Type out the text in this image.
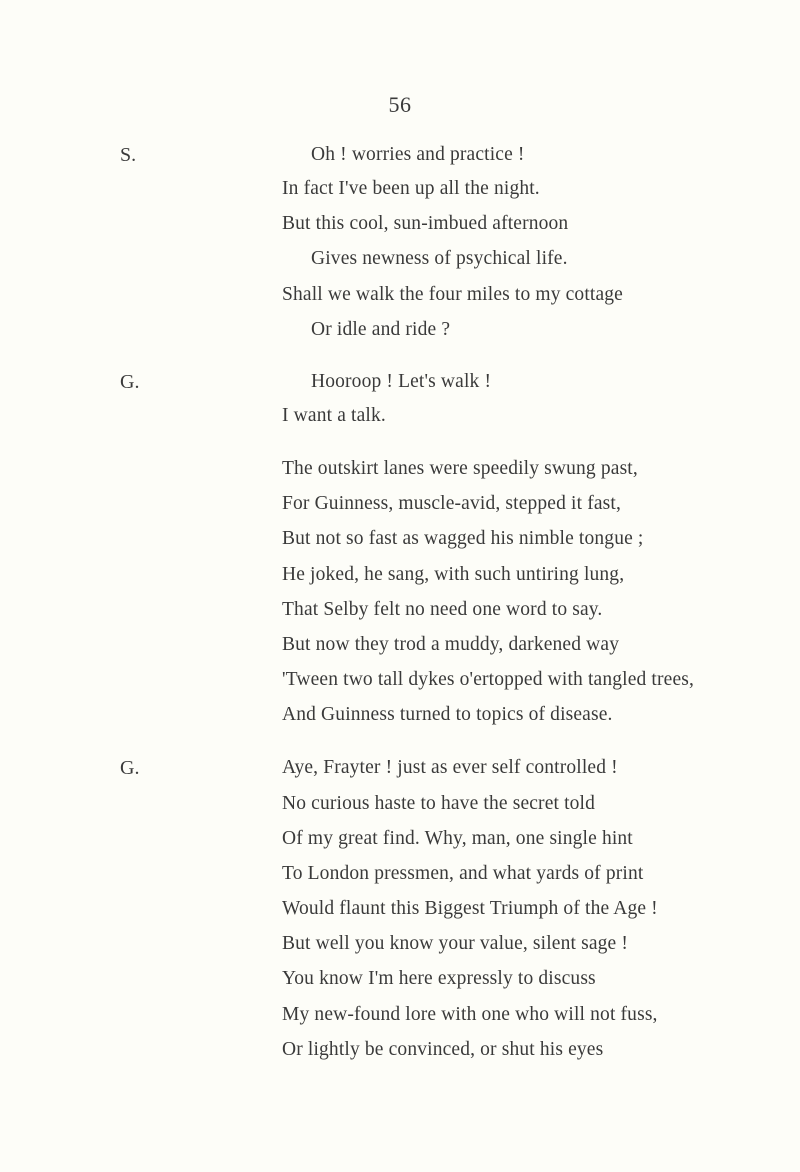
56
S.	Oh ! worries and practice !
In fact I've been up all the night.
But this cool, sun-imbued afternoon
Gives newness of psychical life.
Shall we walk the four miles to my cottage
Or idle and ride ?
G.	Hooroop ! Let's walk !
I want a talk.
The outskirt lanes were speedily swung past,
For Guinness, muscle-avid, stepped it fast,
But not so fast as wagged his nimble tongue ;
He joked, he sang, with such untiring lung,
That Selby felt no need one word to say.
But now they trod a muddy, darkened way
'Tween two tall dykes o'ertopped with tangled trees,
And Guinness turned to topics of disease.
G.	Aye, Frayter ! just as ever self controlled !
No curious haste to have the secret told
Of my great find. Why, man, one single hint
To London pressmen, and what yards of print
Would flaunt this Biggest Triumph of the Age !
But well you know your value, silent sage !
You know I'm here expressly to discuss
My new-found lore with one who will not fuss,
Or lightly be convinced, or shut his eyes
